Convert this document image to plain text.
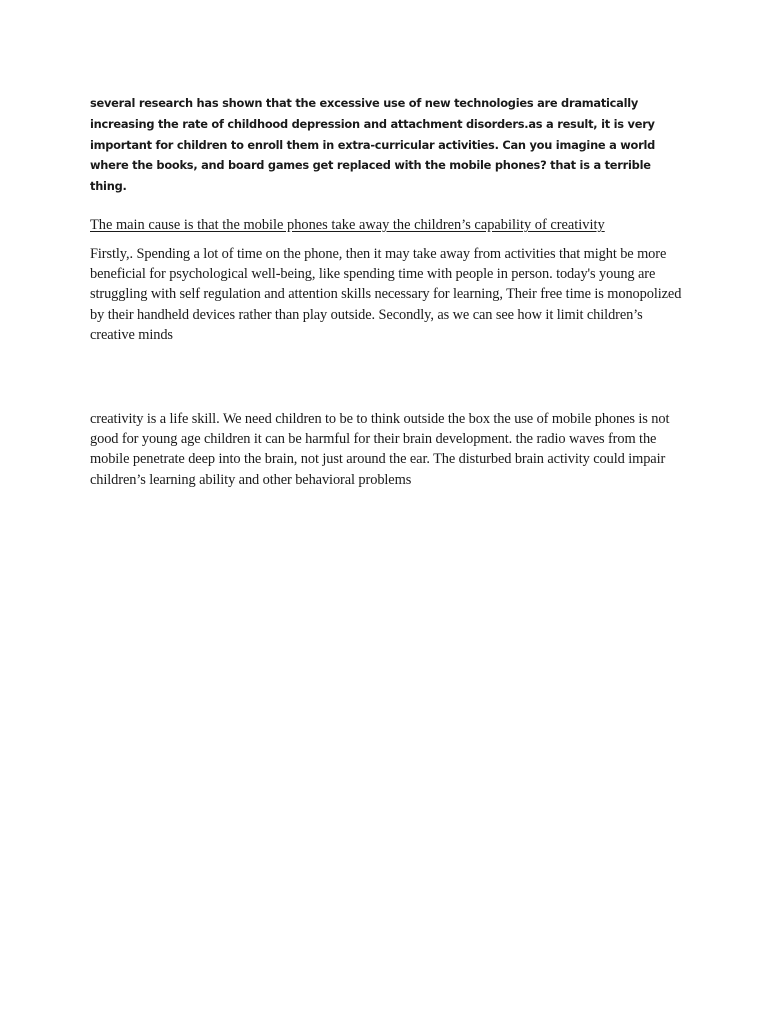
several research has shown that the excessive use of new technologies are dramatically increasing the rate of childhood depression and attachment disorders.as a result, it is very important for children to enroll them in extra-curricular activities. Can you imagine a world where the books, and board games get replaced with the mobile phones? that is a terrible thing.

The main cause is that the mobile phones take away the children’s capability of creativity

Firstly,. Spending a lot of time on the phone, then it may take away from activities that might be more beneficial for psychological well-being, like spending time with people in person. today's young are struggling with self regulation and attention skills necessary for learning, Their free time is monopolized by their handheld devices rather than play outside. Secondly, as we can see how it limit children’s creative minds

creativity is a life skill. We need children to be to think outside the box the use of mobile phones is not good for young age children it can be harmful for their brain development. the radio waves from the mobile penetrate deep into the brain, not just around the ear. The disturbed brain activity could impair children’s learning ability and other behavioral problems
